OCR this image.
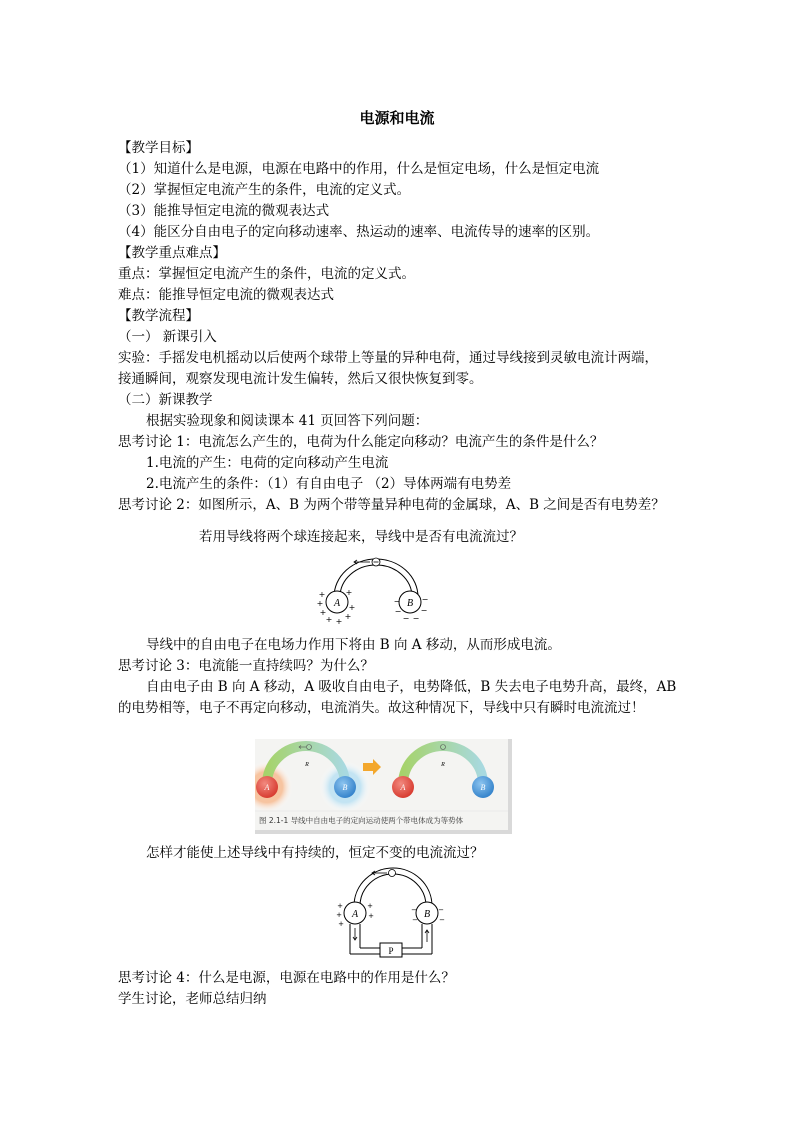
电源和电流
【教学目标】
（1）知道什么是电源，电源在电路中的作用，什么是恒定电场，什么是恒定电流
（2）掌握恒定电流产生的条件，电流的定义式。
（3）能推导恒定电流的微观表达式
（4）能区分自由电子的定向移动速率、热运动的速率、电流传导的速率的区别。
【教学重点难点】
重点：掌握恒定电流产生的条件，电流的定义式。
难点：能推导恒定电流的微观表达式
【教学流程】
（一） 新课引入
实验：手摇发电机摇动以后使两个球带上等量的异种电荷，通过导线接到灵敏电流计两端，
接通瞬间，观察发现电流计发生偏转，然后又很快恢复到零。
（二）新课教学
根据实验现象和阅读课本 41 页回答下列问题：
思考讨论 1：电流怎么产生的，电荷为什么能定向移动？电流产生的条件是什么？
1.电流的产生：电荷的定向移动产生电流
2.电流产生的条件：（1）有自由电子 （2）导体两端有电势差
思考讨论 2：如图所示，A、B 为两个带等量异种电荷的金属球，A、B 之间是否有电势差？
若用导线将两个球连接起来，导线中是否有电流流过？
A	B
+
+
+
+ +
+
+
+
−
−
− −
−
−
导线中的自由电子在电场力作用下将由 B 向 A 移动，从而形成电流。
思考讨论 3：电流能一直持续吗？为什么？
自由电子由 B 向 A 移动，A 吸收自由电子，电势降低，B 失去电子电势升高，最终，AB
的电势相等，电子不再定向移动，电流消失。故这种情况下，导线中只有瞬时电流流过！
A	B
R
A	B
R
图 2.1-1 导线中自由电子的定向运动使两个带电体成为等势体
怎样才能使上述导线中有持续的，恒定不变的电流流过？
A	B
+
+
+
+
+
−
−
−
−
P
思考讨论 4：什么是电源，电源在电路中的作用是什么？
学生讨论，老师总结归纳
